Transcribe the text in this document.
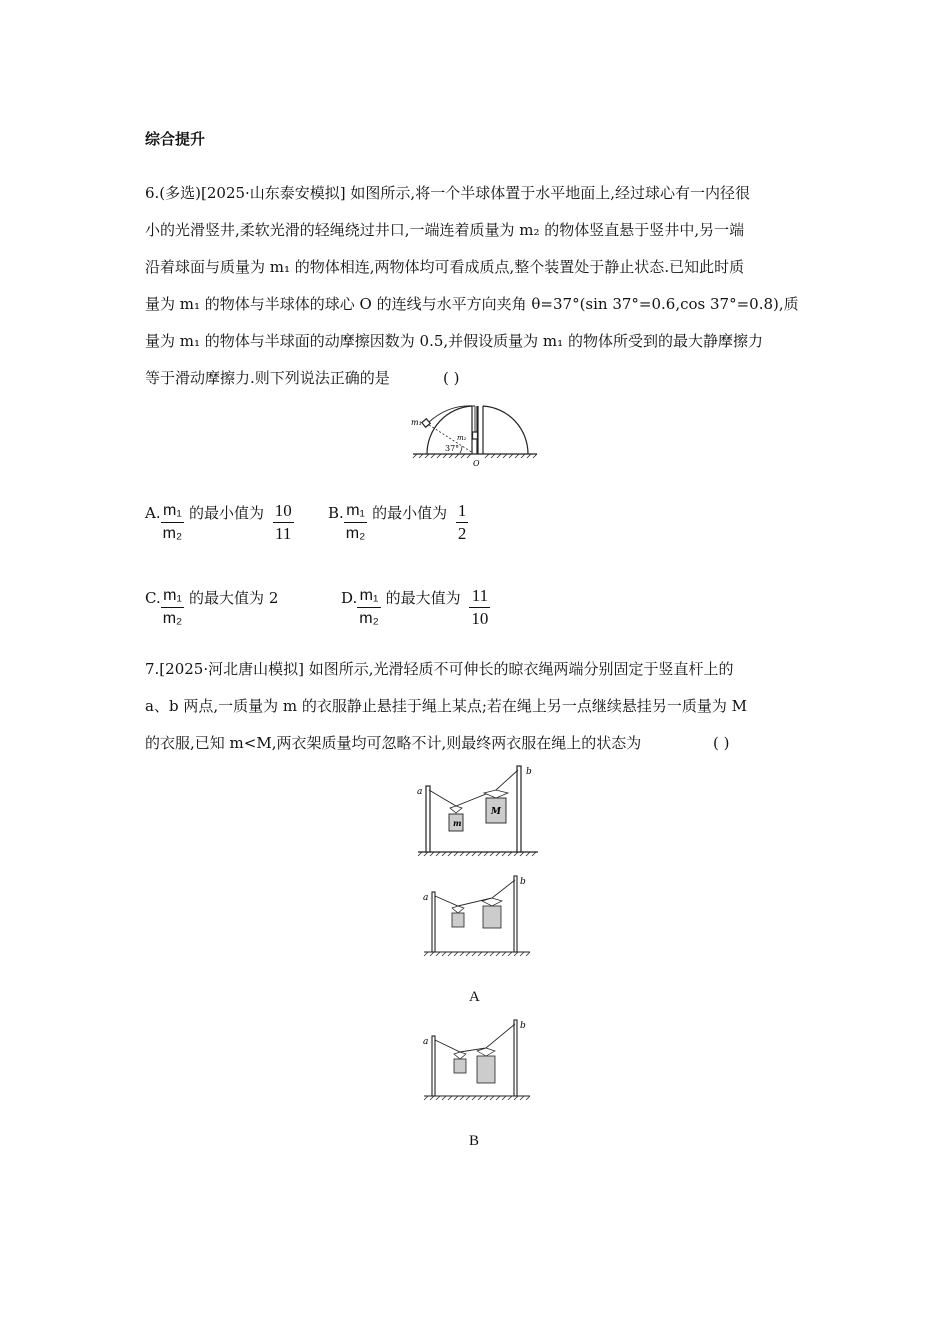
综合提升
6.(多选)[2025·山东泰安模拟] 如图所示,将一个半球体置于水平地面上,经过球心有一内径很
小的光滑竖井,柔软光滑的轻绳绕过井口,一端连着质量为 m₂ 的物体竖直悬于竖井中,另一端
沿着球面与质量为 m₁ 的物体相连,两物体均可看成质点,整个装置处于静止状态.已知此时质
量为 m₁ 的物体与半球体的球心 O 的连线与水平方向夹角 θ=37°(sin 37°=0.6,cos 37°=0.8),质
量为 m₁ 的物体与半球面的动摩擦因数为 0.5,并假设质量为 m₁ 的物体所受到的最大静摩擦力
等于滑动摩擦力.则下列说法正确的是	( )
m₁
m₂
37°
O
A. $\frac{\text{m₁}}{\text{m₂}}$ 的最小值为 $\frac{10}{11} B$. $\frac{\text{m₁}}{\text{m₂}}$ 的最小值为 $\frac{1}{2}$
C. $\frac{\text{m₁}}{\text{m₂}}$ 的最大值为 2	D. $\frac{\text{m₁}}{\text{m₂}}$ 的最大值为 $\frac{11}{10}$
7.[2025·河北唐山模拟] 如图所示,光滑轻质不可伸长的晾衣绳两端分别固定于竖直杆上的
a、b 两点,一质量为 m 的衣服静止悬挂于绳上某点;若在绳上另一点继续悬挂另一质量为 M
的衣服,已知 m<M,两衣架质量均可忽略不计,则最终两衣服在绳上的状态为	( )
a
b
m
M
a
b
A
a
b
B
